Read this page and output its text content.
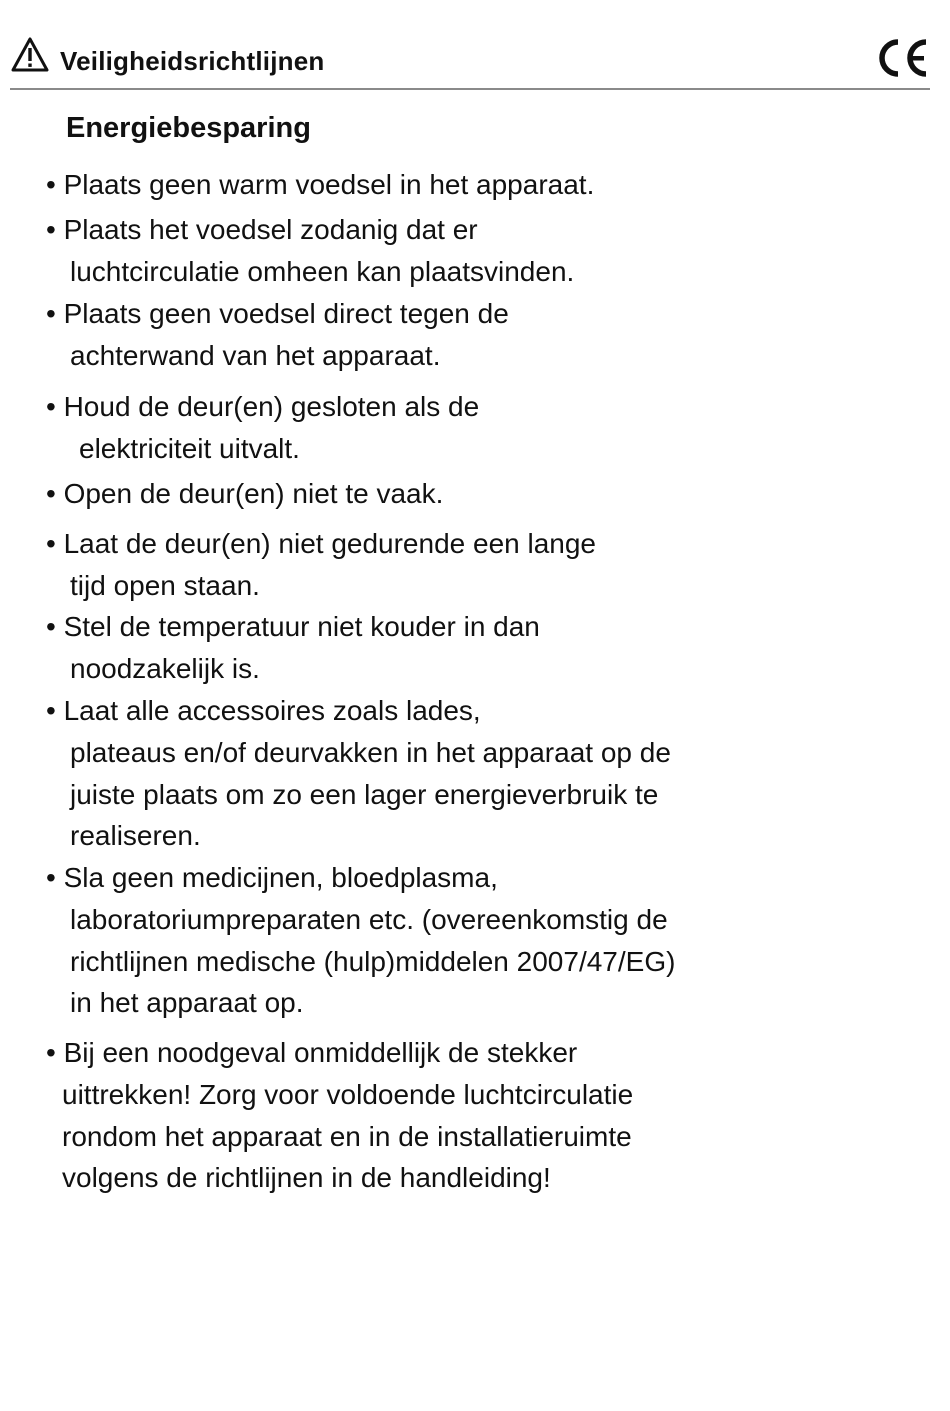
Veiligheidsrichtlijnen
Energiebesparing
• Plaats geen warm voedsel in het apparaat.
• Plaats het voedsel zodanig dat er
luchtcirculatie omheen kan plaatsvinden.
• Plaats geen voedsel direct tegen de
achterwand van het apparaat.
• Houd de deur(en) gesloten als de
elektriciteit uitvalt.
• Open de deur(en) niet te vaak.
• Laat de deur(en) niet gedurende een lange
tijd open staan.
• Stel de temperatuur niet kouder in dan
noodzakelijk is.
• Laat alle accessoires zoals lades,
plateaus en/of deurvakken in het apparaat op de
juiste plaats om zo een lager energieverbruik te
realiseren.
• Sla geen medicijnen, bloedplasma,
laboratoriumpreparaten etc. (overeenkomstig de
richtlijnen medische (hulp)middelen 2007/47/EG)
in het apparaat op.
• Bij een noodgeval onmiddellijk de stekker
uittrekken! Zorg voor voldoende luchtcirculatie
rondom het apparaat en in de installatieruimte
volgens de richtlijnen in de handleiding!
